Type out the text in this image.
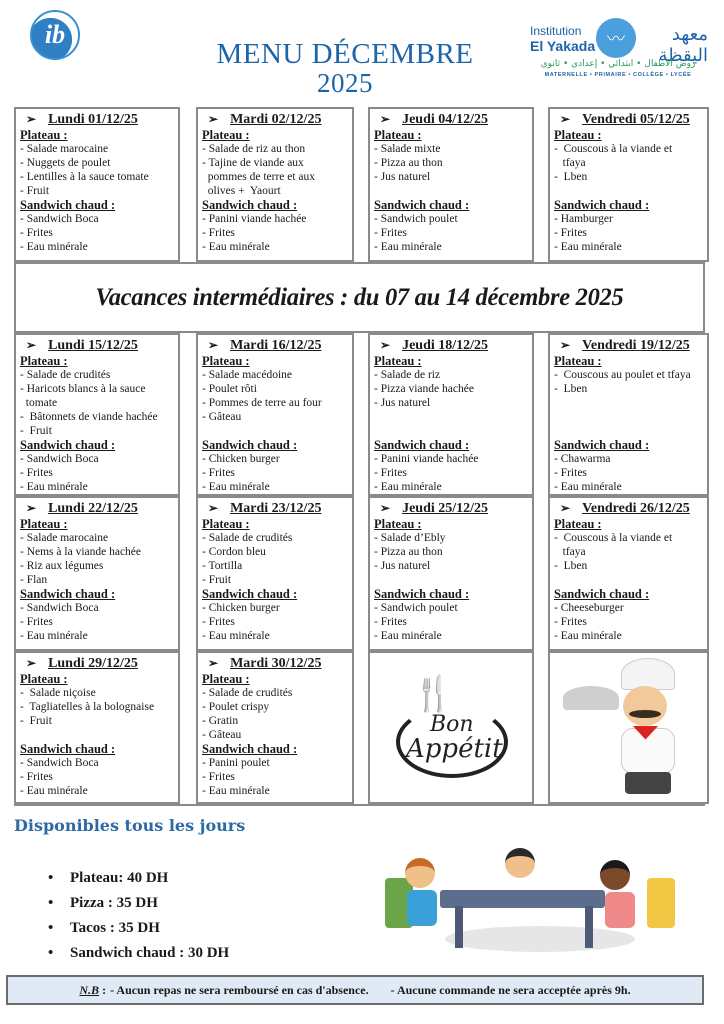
ib
MENU DÉCEMBRE
2025
Institution
El Yakada 〰	معهد اليقظة
روض الأطفال • ابتدائي • إعدادي • ثانوي
MATERNELLE • PRIMAIRE • COLLÈGE • LYCÉE
➢ Lundi 01/12/25
Plateau :
- Salade marocaine
- Nuggets de poulet
- Lentilles à la sauce tomate
- Fruit
Sandwich chaud :
- Sandwich Boca
- Frites
- Eau minérale
➢ Mardi 02/12/25
Plateau :
- Salade de riz au thon
- Tajine de viande aux
pommes de terre et aux
olives +  Yaourt
Sandwich chaud :
- Panini viande hachée
- Frites
- Eau minérale
➢ Jeudi 04/12/25
Plateau :
- Salade mixte
- Pizza au thon
- Jus naturel
Sandwich chaud :
- Sandwich poulet
- Frites
- Eau minérale
➢ Vendredi 05/12/25
Plateau :
-  Couscous à la viande et
tfaya
-  Lben
Sandwich chaud :
- Hamburger
- Frites
- Eau minérale
Vacances intermédiaires : du 07 au 14 décembre 2025
➢ Lundi 15/12/25
Plateau :
- Salade de crudités
- Haricots blancs à la sauce
tomate
-  Bâtonnets de viande hachée
-  Fruit
Sandwich chaud :
- Sandwich Boca
- Frites
- Eau minérale
➢ Mardi 16/12/25
Plateau :
- Salade macédoine
- Poulet rôti
- Pommes de terre au four
- Gâteau
Sandwich chaud :
- Chicken burger
- Frites
- Eau minérale
➢ Jeudi 18/12/25
Plateau :
- Salade de riz
- Pizza viande hachée
- Jus naturel
Sandwich chaud :
- Panini viande hachée
- Frites
- Eau minérale
➢ Vendredi 19/12/25
Plateau :
-  Couscous au poulet et tfaya
-  Lben
Sandwich chaud :
- Chawarma
- Frites
- Eau minérale
➢ Lundi 22/12/25
Plateau :
- Salade marocaine
- Nems à la viande hachée
- Riz aux légumes
- Flan
Sandwich chaud :
- Sandwich Boca
- Frites
- Eau minérale
➢ Mardi 23/12/25
Plateau :
- Salade de crudités
- Cordon bleu
- Tortilla
- Fruit
Sandwich chaud :
- Chicken burger
- Frites
- Eau minérale
➢ Jeudi 25/12/25
Plateau :
- Salade d’Ebly
- Pizza au thon
- Jus naturel
Sandwich chaud :
- Sandwich poulet
- Frites
- Eau minérale
➢ Vendredi 26/12/25
Plateau :
-  Couscous à la viande et
tfaya
-  Lben
Sandwich chaud :
- Cheeseburger
- Frites
- Eau minérale
➢ Lundi 29/12/25
Plateau :
-  Salade niçoise
-  Tagliatelles à la bolognaise
-  Fruit
Sandwich chaud :
- Sandwich Boca
- Frites
- Eau minérale
➢ Mardi 30/12/25
Plateau :
- Salade de crudités
- Poulet crispy
- Gratin
- Gâteau
Sandwich chaud :
- Panini poulet
- Frites
- Eau minérale
🍴
Bon
Appétit
Disponibles tous les jours
• Plateau: 40 DH
• Pizza : 35 DH
• Tacos : 35 DH
• Sandwich chaud : 30 DH
N.B : - Aucun repas ne sera remboursé en cas d'absence. - Aucune commande ne sera acceptée après 9h.
